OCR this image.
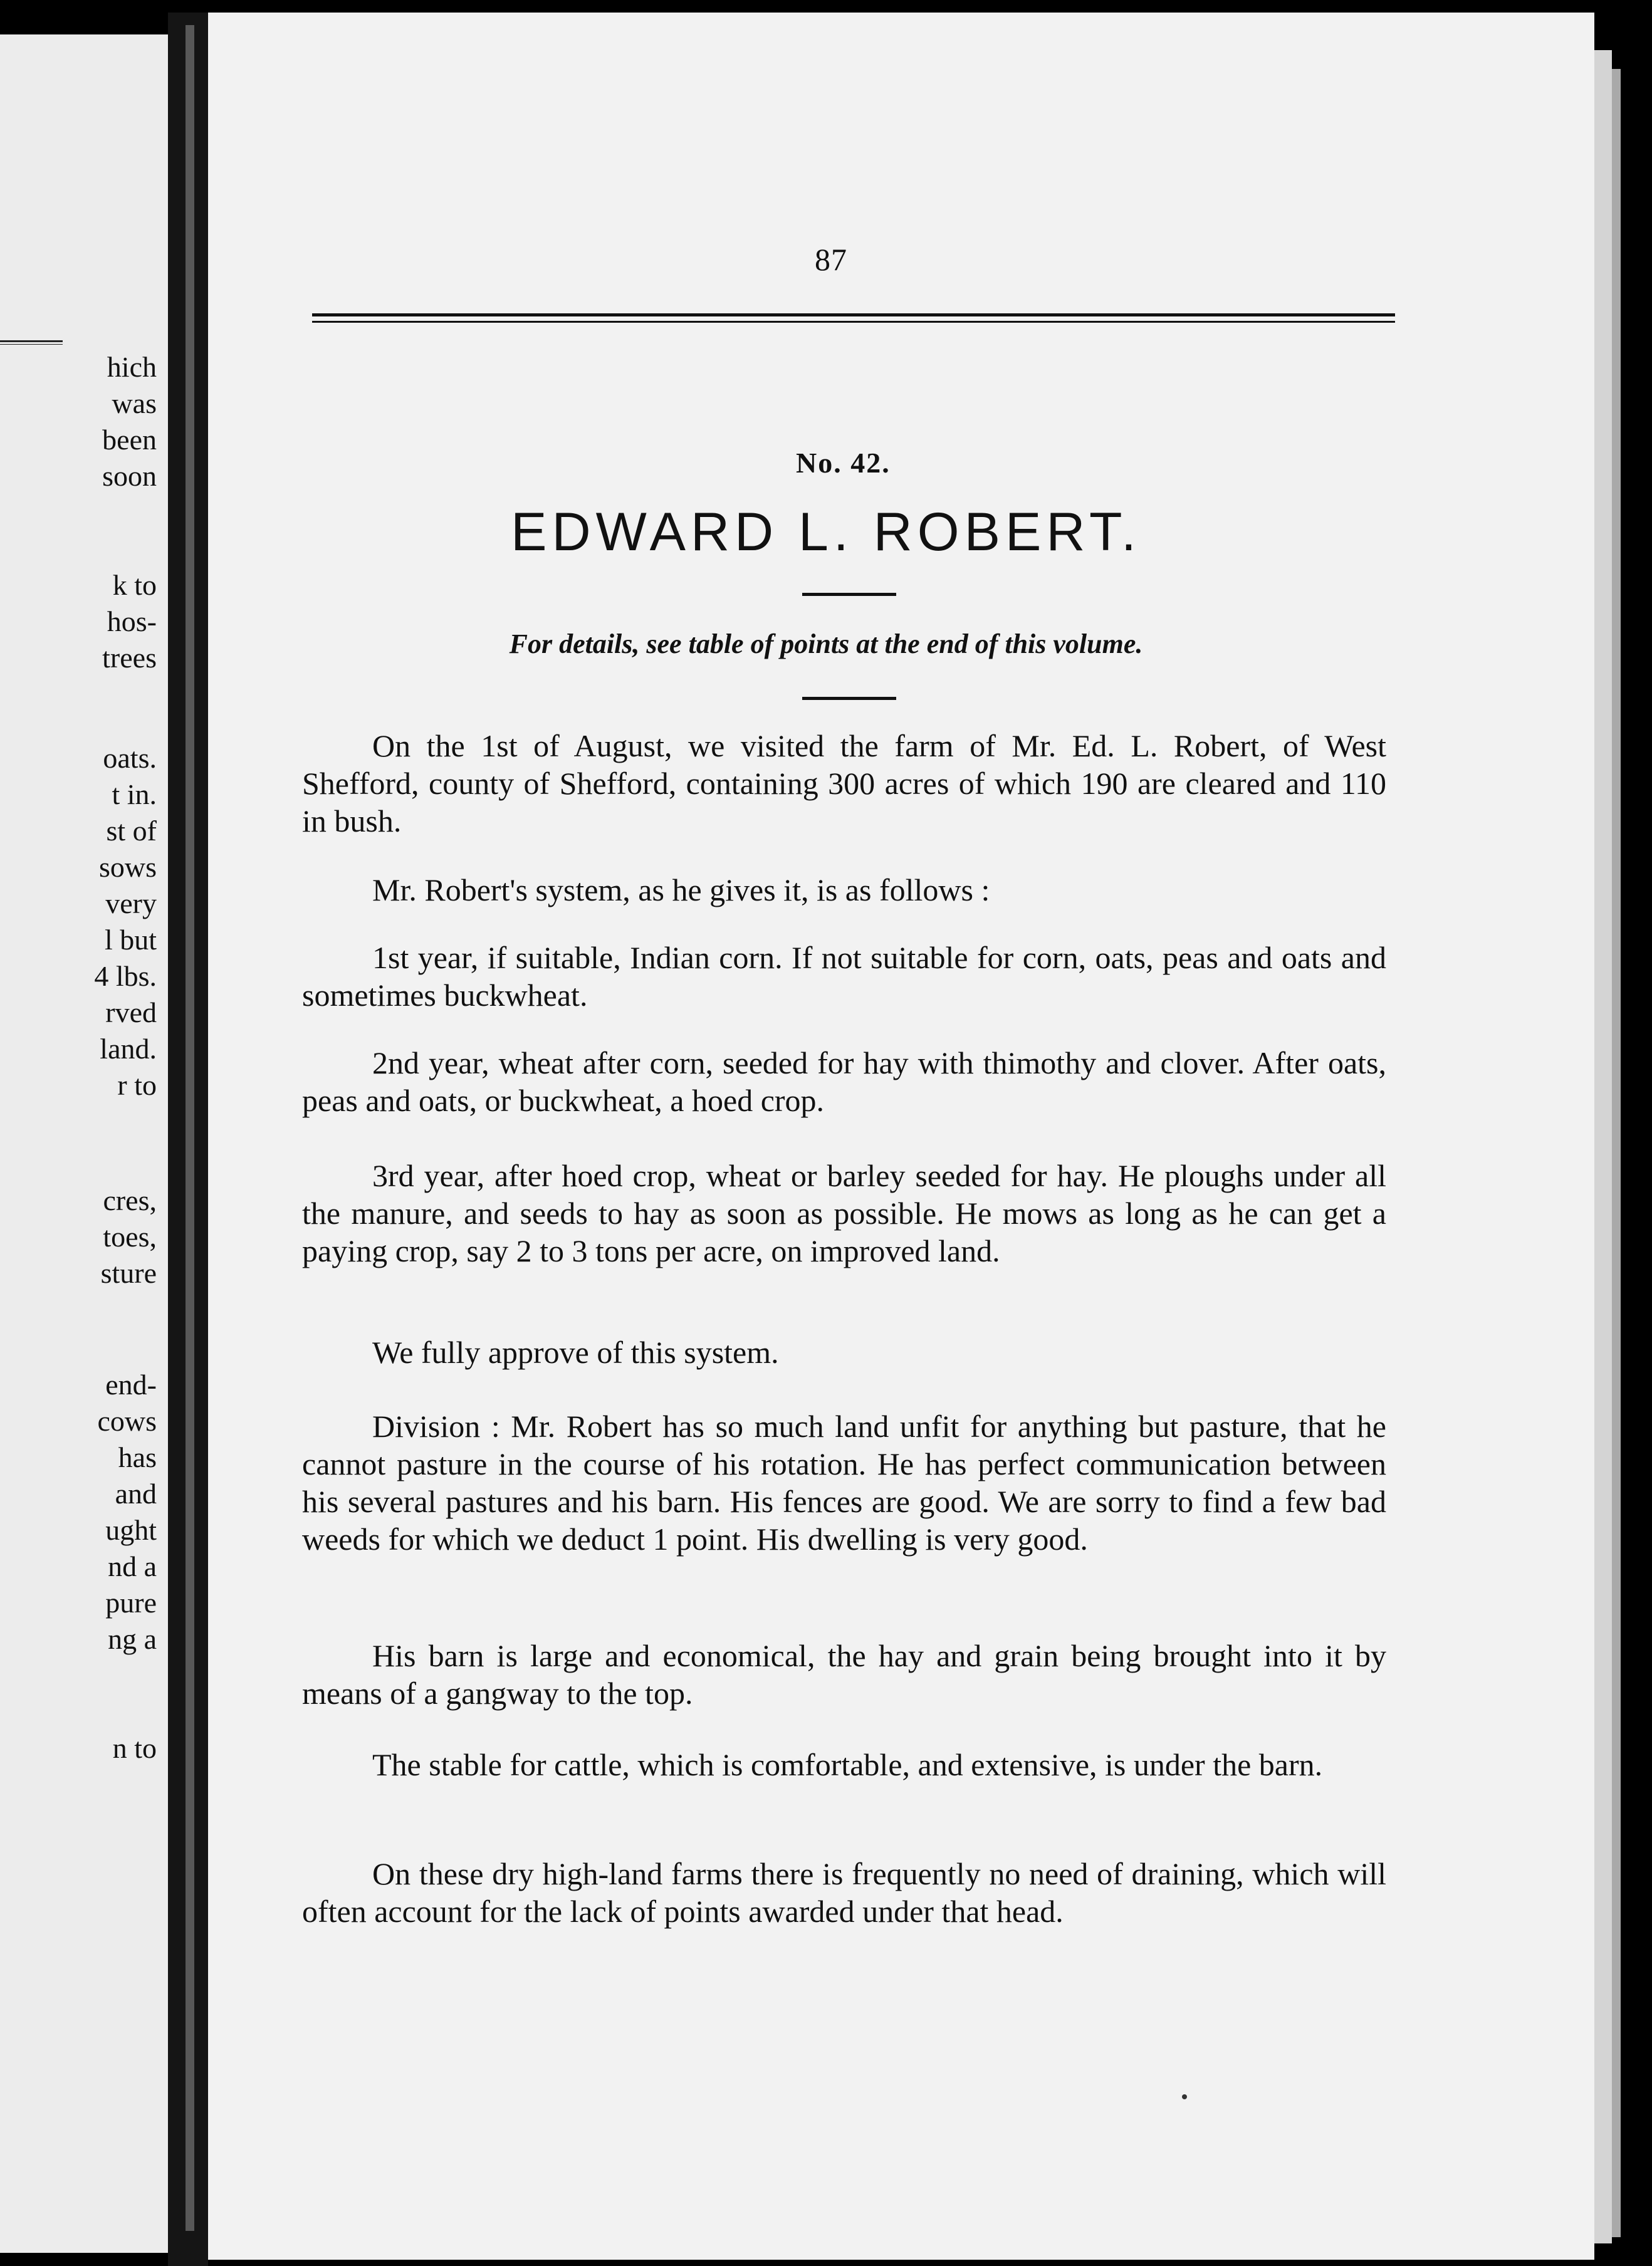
hich
was
been
soon
k to
hos-
trees
oats.
t in.
st of
sows
very
l but
4 lbs.
rved
land.
r to
cres,
toes,
sture
end-
cows
has
and
ught
nd a
pure
ng a
n to
87
No. 42.
EDWARD L. ROBERT.
For details, see table of points at the end of this volume.

On the 1st of August, we visited the farm of Mr. Ed. L. Robert, of West Shefford, county of Shefford, containing 300 acres of which 190 are cleared and 110 in bush.

Mr. Robert's system, as he gives it, is as follows :

1st year, if suitable, Indian corn. If not suitable for corn, oats, peas and oats and sometimes buckwheat.

2nd year, wheat after corn, seeded for hay with thimothy and clover. After oats, peas and oats, or buckwheat, a hoed crop.

3rd year, after hoed crop, wheat or barley seeded for hay. He ploughs under all the manure, and seeds to hay as soon as possible. He mows as long as he can get a paying crop, say 2 to 3 tons per acre, on improved land.

We fully approve of this system.

Division : Mr. Robert has so much land unfit for anything but pasture, that he cannot pasture in the course of his rotation. He has perfect communication between his several pastures and his barn. His fences are good. We are sorry to find a few bad weeds for which we deduct 1 point. His dwelling is very good.

His barn is large and economical, the hay and grain being brought into it by means of a gangway to the top.

The stable for cattle, which is comfortable, and extensive, is under the barn.

On these dry high-land farms there is frequently no need of draining, which will often account for the lack of points awarded under that head.
